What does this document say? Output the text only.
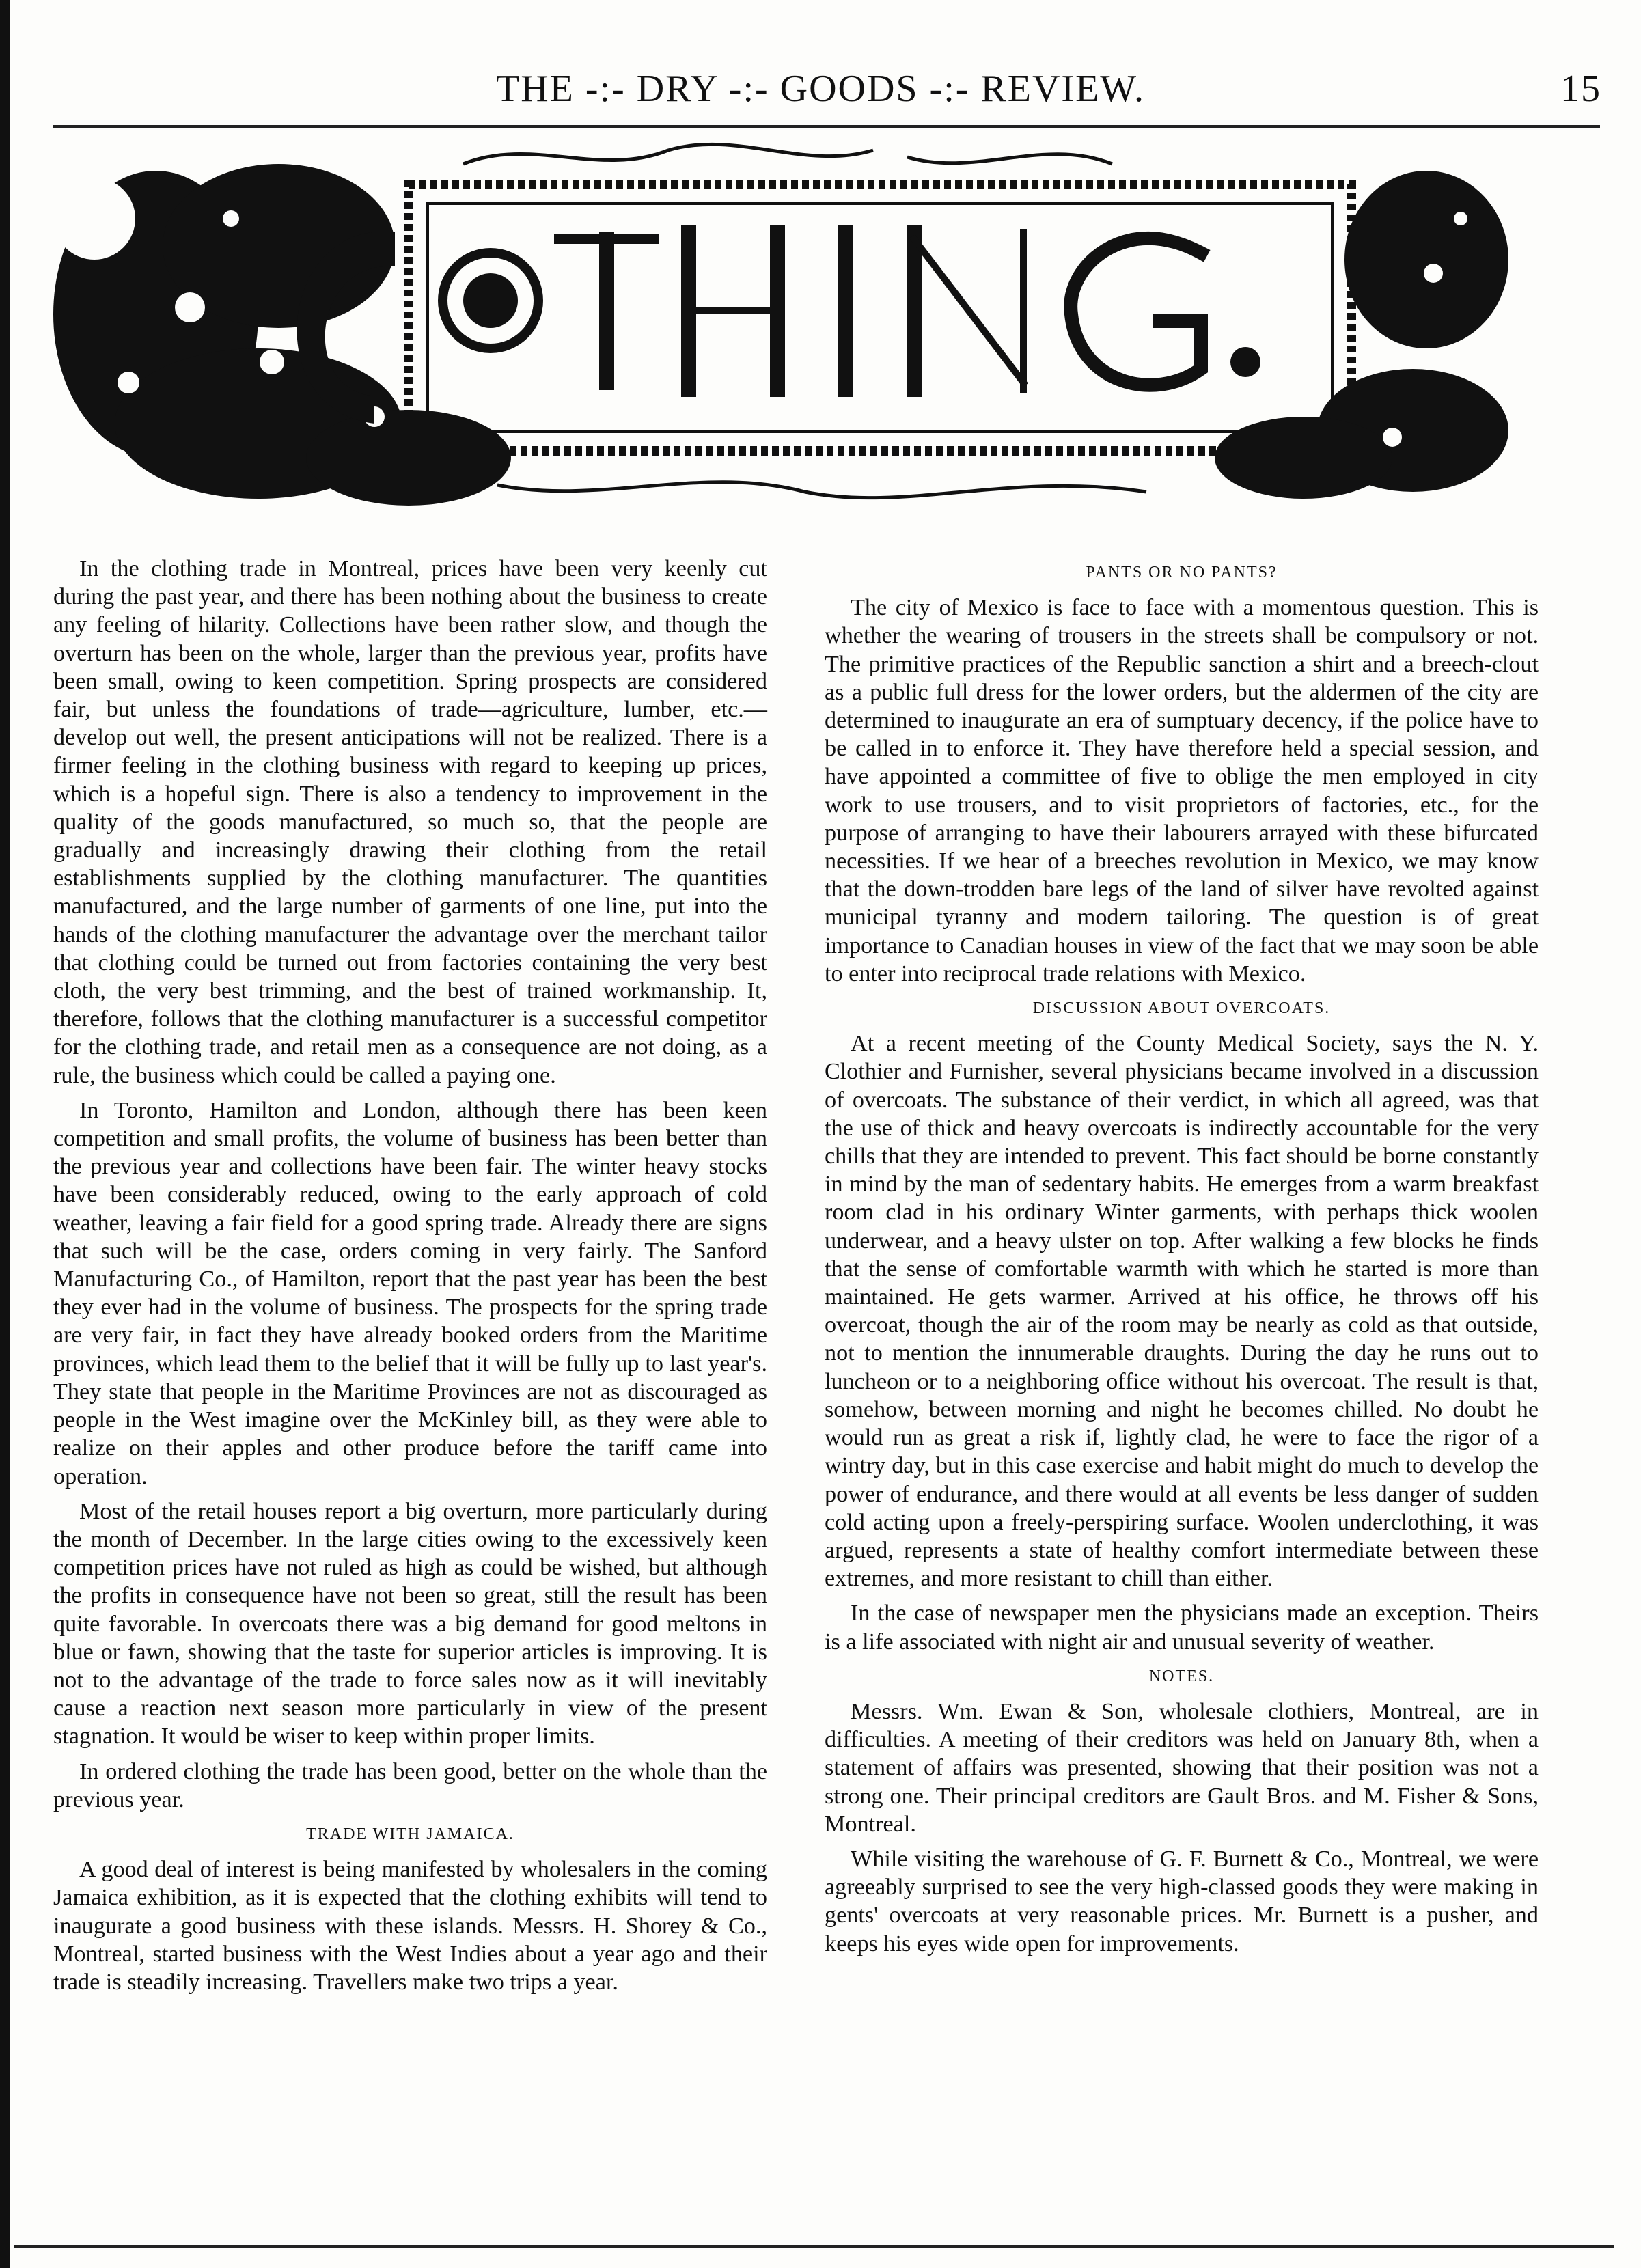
THE -:- DRY -:- GOODS -:- REVIEW.	15

In the clothing trade in Montreal, prices have been very keenly cut during the past year, and there has been nothing about the business to create any feeling of hilarity. Collections have been rather slow, and though the overturn has been on the whole, larger than the previous year, profits have been small, owing to keen competition. Spring prospects are considered fair, but unless the foundations of trade—agriculture, lumber, etc.— develop out well, the present anticipations will not be realized. There is a firmer feeling in the clothing business with regard to keeping up prices, which is a hopeful sign. There is also a tendency to improvement in the quality of the goods manufactured, so much so, that the people are gradually and increasingly drawing their clothing from the retail establishments supplied by the clothing manufacturer. The quantities manufactured, and the large number of garments of one line, put into the hands of the clothing manufacturer the advantage over the merchant tailor that clothing could be turned out from factories containing the very best cloth, the very best trimming, and the best of trained workmanship. It, therefore, follows that the clothing manufacturer is a successful competitor for the clothing trade, and retail men as a consequence are not doing, as a rule, the business which could be called a paying one.

In Toronto, Hamilton and London, although there has been keen competition and small profits, the volume of business has been better than the previous year and collections have been fair. The winter heavy stocks have been considerably reduced, owing to the early approach of cold weather, leaving a fair field for a good spring trade. Already there are signs that such will be the case, orders coming in very fairly. The Sanford Manufacturing Co., of Hamilton, report that the past year has been the best they ever had in the volume of business. The prospects for the spring trade are very fair, in fact they have already booked orders from the Maritime provinces, which lead them to the belief that it will be fully up to last year's. They state that people in the Maritime Provinces are not as discouraged as people in the West imagine over the McKinley bill, as they were able to realize on their apples and other produce before the tariff came into operation.

Most of the retail houses report a big overturn, more particularly during the month of December. In the large cities owing to the excessively keen competition prices have not ruled as high as could be wished, but although the profits in consequence have not been so great, still the result has been quite favorable. In overcoats there was a big demand for good meltons in blue or fawn, showing that the taste for superior articles is improving. It is not to the advantage of the trade to force sales now as it will inevitably cause a reaction next season more particularly in view of the present stagnation. It would be wiser to keep within proper limits.

In ordered clothing the trade has been good, better on the whole than the previous year.

TRADE WITH JAMAICA.

A good deal of interest is being manifested by wholesalers in the coming Jamaica exhibition, as it is expected that the clothing exhibits will tend to inaugurate a good business with these islands. Messrs. H. Shorey & Co., Montreal, started business with the West Indies about a year ago and their trade is steadily increasing. Travellers make two trips a year.

PANTS OR NO PANTS?

The city of Mexico is face to face with a momentous question. This is whether the wearing of trousers in the streets shall be compulsory or not. The primitive practices of the Republic sanction a shirt and a breech-clout as a public full dress for the lower orders, but the aldermen of the city are determined to inaugurate an era of sumptuary decency, if the police have to be called in to enforce it. They have therefore held a special session, and have appointed a committee of five to oblige the men employed in city work to use trousers, and to visit proprietors of factories, etc., for the purpose of arranging to have their labourers arrayed with these bifurcated necessities. If we hear of a breeches revolution in Mexico, we may know that the down-trodden bare legs of the land of silver have revolted against municipal tyranny and modern tailoring. The question is of great importance to Canadian houses in view of the fact that we may soon be able to enter into reciprocal trade relations with Mexico.

DISCUSSION ABOUT OVERCOATS.

At a recent meeting of the County Medical Society, says the N. Y. Clothier and Furnisher, several physicians became involved in a discussion of overcoats. The substance of their verdict, in which all agreed, was that the use of thick and heavy overcoats is indirectly accountable for the very chills that they are intended to prevent. This fact should be borne constantly in mind by the man of sedentary habits. He emerges from a warm breakfast room clad in his ordinary Winter garments, with perhaps thick woolen underwear, and a heavy ulster on top. After walking a few blocks he finds that the sense of comfortable warmth with which he started is more than maintained. He gets warmer. Arrived at his office, he throws off his overcoat, though the air of the room may be nearly as cold as that outside, not to mention the innumerable draughts. During the day he runs out to luncheon or to a neighboring office without his overcoat. The result is that, somehow, between morning and night he becomes chilled. No doubt he would run as great a risk if, lightly clad, he were to face the rigor of a wintry day, but in this case exercise and habit might do much to develop the power of endurance, and there would at all events be less danger of sudden cold acting upon a freely-perspiring surface. Woolen underclothing, it was argued, represents a state of healthy comfort intermediate between these extremes, and more resistant to chill than either.

In the case of newspaper men the physicians made an exception. Theirs is a life associated with night air and unusual severity of weather.

NOTES.

Messrs. Wm. Ewan & Son, wholesale clothiers, Montreal, are in difficulties. A meeting of their creditors was held on January 8th, when a statement of affairs was presented, showing that their position was not a strong one. Their principal creditors are Gault Bros. and M. Fisher & Sons, Montreal.

While visiting the warehouse of G. F. Burnett & Co., Montreal, we were agreeably surprised to see the very high-classed goods they were making in gents' overcoats at very reasonable prices. Mr. Burnett is a pusher, and keeps his eyes wide open for improvements.
